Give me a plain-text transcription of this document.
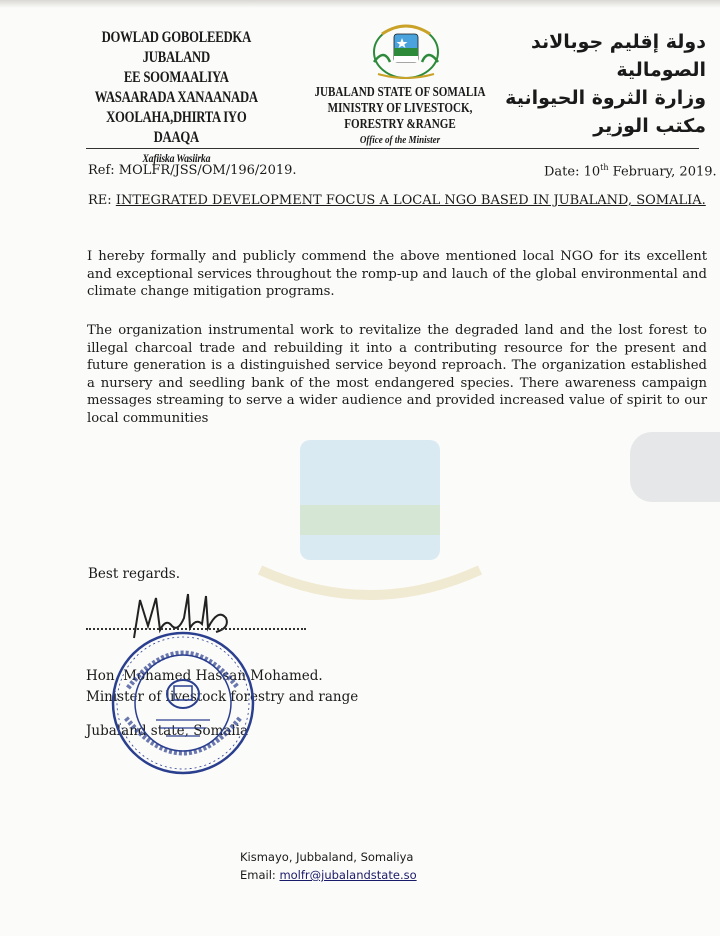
DOWLAD GOBOLEEDKA JUBALAND
EE SOOMAALIYA
WASAARADA XANAANADA
XOOLAHA,DHIRTA IYO DAAQA
Xafiiska Wasiirka
JUBALAND STATE OF SOMALIA
MINISTRY OF LIVESTOCK, FORESTRY &RANGE
Office of the Minister
دولة إقليم جوبالاند الصومالية
وزارة الثروة الحيوانية
مكتب الوزير
Ref: MOLFR/JSS/OM/196/2019.	Date: 10th February, 2019.
RE: INTEGRATED DEVELOPMENT FOCUS A LOCAL NGO BASED IN JUBALAND, SOMALIA.
I hereby formally and publicly commend the above mentioned local NGO for its excellent and exceptional services throughout the romp-up and lauch of the global environmental and climate change mitigation programs.
The organization instrumental work to revitalize the degraded land and the lost forest to illegal charcoal trade and rebuilding it into a contributing resource for the present and future generation is a distinguished service beyond reproach. The organization established a nursery and seedling bank of the most endangered species. There awareness campaign messages streaming to serve a wider audience and provided increased value of spirit to our local communities
Best regards.
Hon. Mohamed Hassan Mohamed.
Minister of livestock forestry and range
Jubaland state, Somalia
Kismayo, Jubbaland, Somaliya
Email: molfr@jubalandstate.so
